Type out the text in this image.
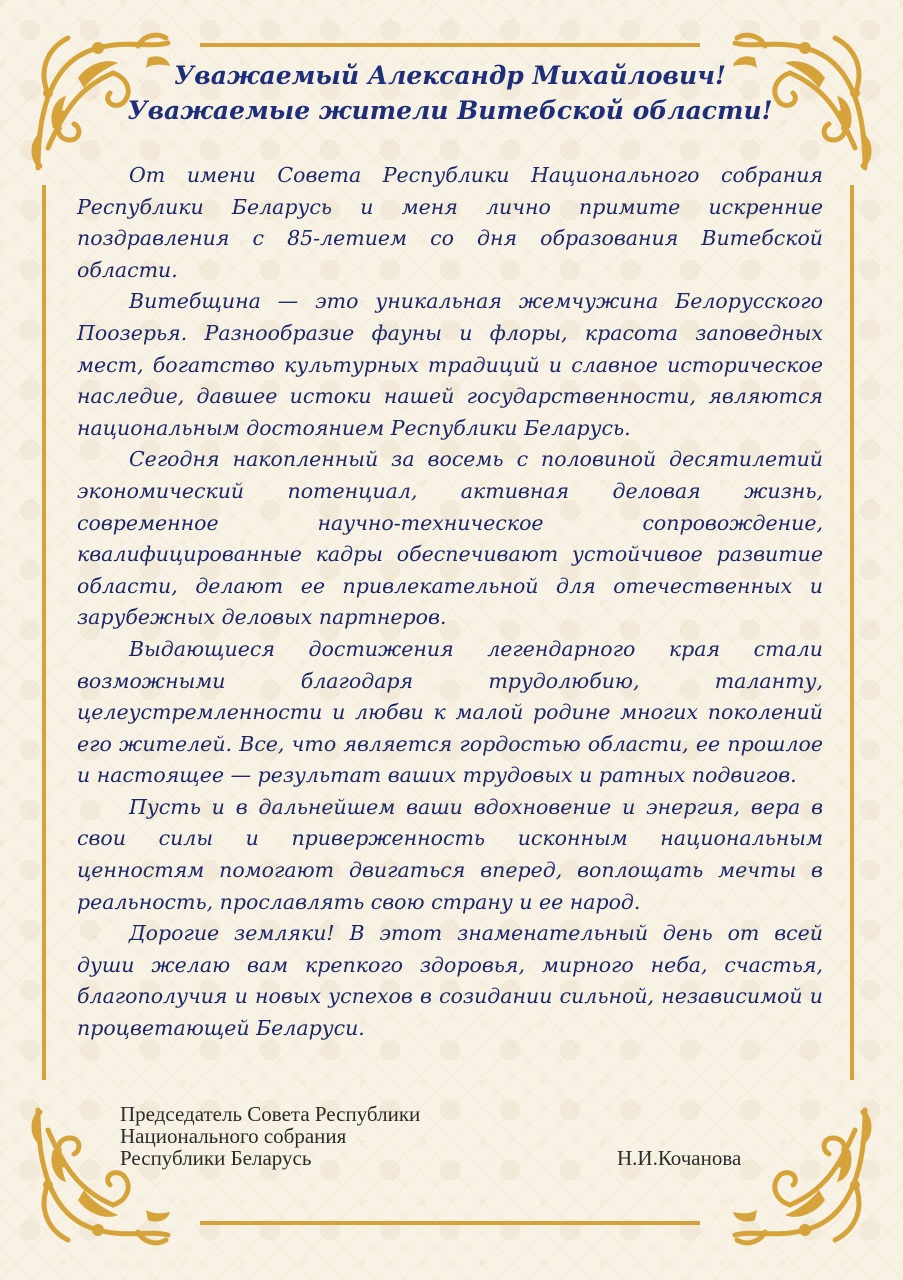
Уважаемый Александр Михайлович!
Уважаемые жители Витебской области!

От имени Совета Республики Национального собрания Республики Беларусь и меня лично примите искренние поздравления с 85-летием со дня образования Витебской области.

Витебщина — это уникальная жемчужина Белорусского Поозерья. Разнообразие фауны и флоры, красота заповедных мест, богатство культурных традиций и славное историческое наследие, давшее истоки нашей государственности, являются национальным достоянием Республики Беларусь.

Сегодня накопленный за восемь с половиной десятилетий экономический потенциал, активная деловая жизнь, современное научно-техническое сопровождение, квалифицированные кадры обеспечивают устойчивое развитие области, делают ее привлекательной для отечественных и зарубежных деловых партнеров.

Выдающиеся достижения легендарного края стали возможными благодаря трудолюбию, таланту, целеустремленности и любви к малой родине многих поколений его жителей. Все, что является гордостью области, ее прошлое и настоящее — результат ваших трудовых и ратных подвигов.

Пусть и в дальнейшем ваши вдохновение и энергия, вера в свои силы и приверженность исконным национальным ценностям помогают двигаться вперед, воплощать мечты в реальность, прославлять свою страну и ее народ.

Дорогие земляки! В этот знаменательный день от всей души желаю вам крепкого здоровья, мирного неба, счастья, благополучия и новых успехов в созидании сильной, независимой и процветающей Беларуси.

Председатель Совета Республики
Национального собрания
Республики Беларусь	Н.И.Кочанова
